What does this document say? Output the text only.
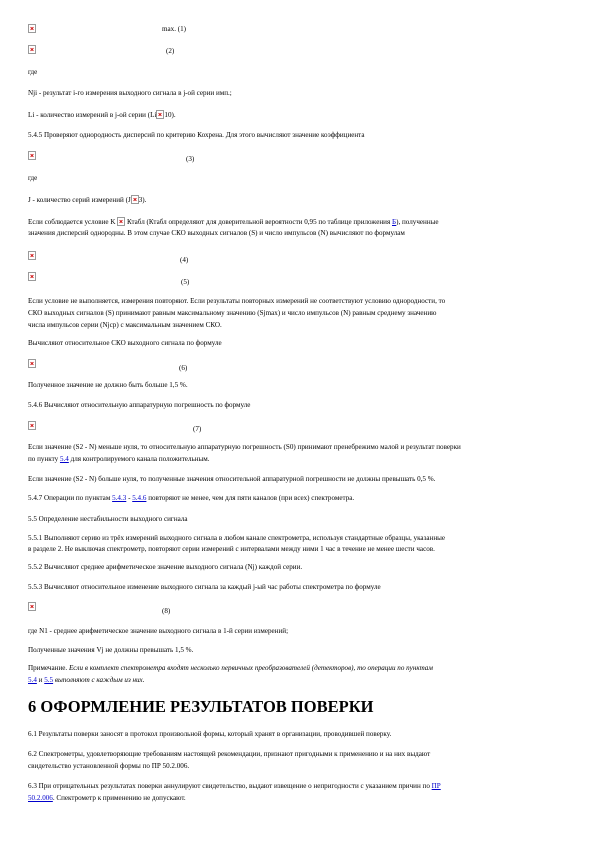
max. (1)
(2)
где
Nji - результат i-го измерения выходного сигнала в j-ой серии имп.;
Li - количество измерений в j-ой серии (Li 10).
5.4.5 Проверяют однородность дисперсий по критерию Кохрена. Для этого вычисляют значение коэффициента
(3)
где
J - количество серий измерений (J 3).
Если соблюдается условие K Ктабл (Ктабл определяют для доверительной вероятности 0,95 по таблице приложения Б), полученные
значения дисперсий однородны. В этом случае СКО выходных сигналов (S) и число импульсов (N) вычисляют по формулам
(4)
(5)
Если условие не выполняется, измерения повторяют. Если результаты повторных измерений не соответствуют условию однородности, то
СКО выходных сигналов (S) принимают равным максимальному значению (Sjmax) и число импульсов (N) равным среднему значению
числа импульсов серии (Njср) с максимальным значением СКО.
Вычисляют относительное СКО выходного сигнала по формуле
(6)
Полученное значение не должно быть больше 1,5 %.
5.4.6 Вычисляют относительную аппаратурную погрешность по формуле
(7)
Если значение (S2 - N) меньше нуля, то относительную аппаратурную погрешность (S0) принимают пренебрежимо малой и результат поверки
по пункту 5.4 для контролируемого канала положительным.
Если значение (S2 - N) больше нуля, то полученные значения относительной аппаратурной погрешности не должны превышать 0,5 %.
5.4.7 Операции по пунктам 5.4.3 - 5.4.6 повторяют не менее, чем для пяти каналов (при всех) спектрометра.
5.5 Определение нестабильности выходного сигнала
5.5.1 Выполняют серию из трёх измерений выходного сигнала в любом канале спектрометра, используя стандартные образцы, указанные
в разделе 2. Не выключая спектрометр, повторяют серии измерений с интервалами между ними 1 час в течение не менее шести часов.
5.5.2 Вычисляют среднее арифметическое значение выходного сигнала (Nj) каждой серии.
5.5.3 Вычисляют относительное изменение выходного сигнала за каждый j-ый час работы спектрометра по формуле
(8)
где N1 - среднее арифметическое значение выходного сигнала в 1-й серии измерений;
Полученные значения Vj не должны превышать 1,5 %.
Примечание. Если в комплект спектрометра входят несколько первичных преобразователей (детекторов), то операции по пунктам
5.4 и 5.5 выполняют с каждым из них.
6 ОФОРМЛЕНИЕ РЕЗУЛЬТАТОВ ПОВЕРКИ
6.1 Результаты поверки заносят в протокол произвольной формы, который хранят в организации, проводившей поверку.
6.2 Спектрометры, удовлетворяющие требованиям настоящей рекомендации, признают пригодными к применению и на них выдают
свидетельство установленной формы по ПР 50.2.006.
6.3 При отрицательных результатах поверки аннулируют свидетельство, выдают извещение о непригодности с указанием причин по ПР
50.2.006. Спектрометр к применению не допускают.
